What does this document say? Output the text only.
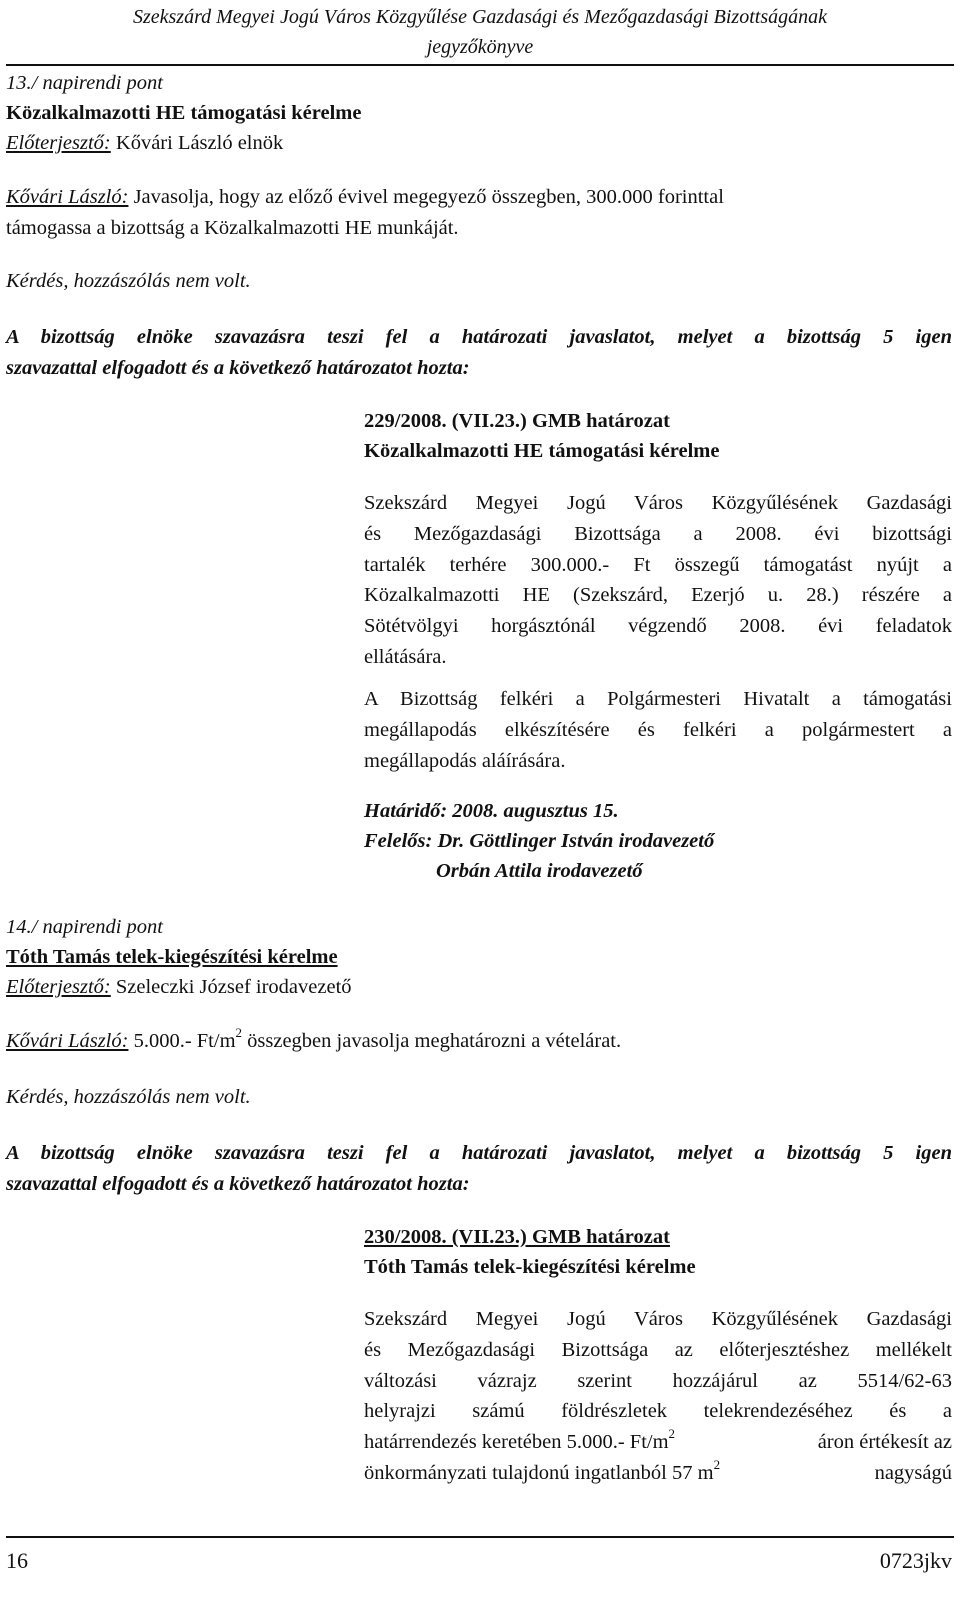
Szekszárd Megyei Jogú Város Közgyűlése Gazdasági és Mezőgazdasági Bizottságának
jegyzőkönyve
13./ napirendi pont
Közalkalmazotti HE támogatási kérelme
Előterjesztő: Kővári László elnök
Kővári László: Javasolja, hogy az előző évivel megegyező összegben, 300.000 forinttal
támogassa a bizottság a Közalkalmazotti HE munkáját.
Kérdés, hozzászólás nem volt.
A bizottság elnöke szavazásra teszi fel a határozati javaslatot, melyet a bizottság 5 igen
szavazattal elfogadott és a következő határozatot hozta:
229/2008. (VII.23.) GMB határozat
Közalkalmazotti HE támogatási kérelme
Szekszárd Megyei Jogú Város Közgyűlésének Gazdasági
és Mezőgazdasági Bizottsága a 2008. évi bizottsági
tartalék terhére 300.000.- Ft összegű támogatást nyújt a
Közalkalmazotti HE (Szekszárd, Ezerjó u. 28.) részére a
Sötétvölgyi horgásztónál végzendő 2008. évi feladatok
ellátására.
A Bizottság felkéri a Polgármesteri Hivatalt a támogatási
megállapodás elkészítésére és felkéri a polgármestert a
megállapodás aláírására.
Határidő: 2008. augusztus 15.
Felelős: Dr. Göttlinger István irodavezető
Orbán Attila irodavezető
14./ napirendi pont
Tóth Tamás telek-kiegészítési kérelme
Előterjesztő: Szeleczki József irodavezető
Kővári László: 5.000.- $Ft/m^2$ összegben javasolja meghatározni a vételárat.
Kérdés, hozzászólás nem volt.
A bizottság elnöke szavazásra teszi fel a határozati javaslatot, melyet a bizottság 5 igen
szavazattal elfogadott és a következő határozatot hozta:
230/2008. (VII.23.) GMB határozat
Tóth Tamás telek-kiegészítési kérelme
Szekszárd Megyei Jogú Város Közgyűlésének Gazdasági
és Mezőgazdasági Bizottsága az előterjesztéshez mellékelt
változási vázrajz szerint hozzájárul az 5514/62-63
helyrajzi számú földrészletek telekrendezéséhez és a
határrendezés keretében 5.000.- $Ft/m^2$	áron értékesít az
önkormányzati tulajdonú ingatlanból 57 $m^2$	nagyságú
16	0723jkv
